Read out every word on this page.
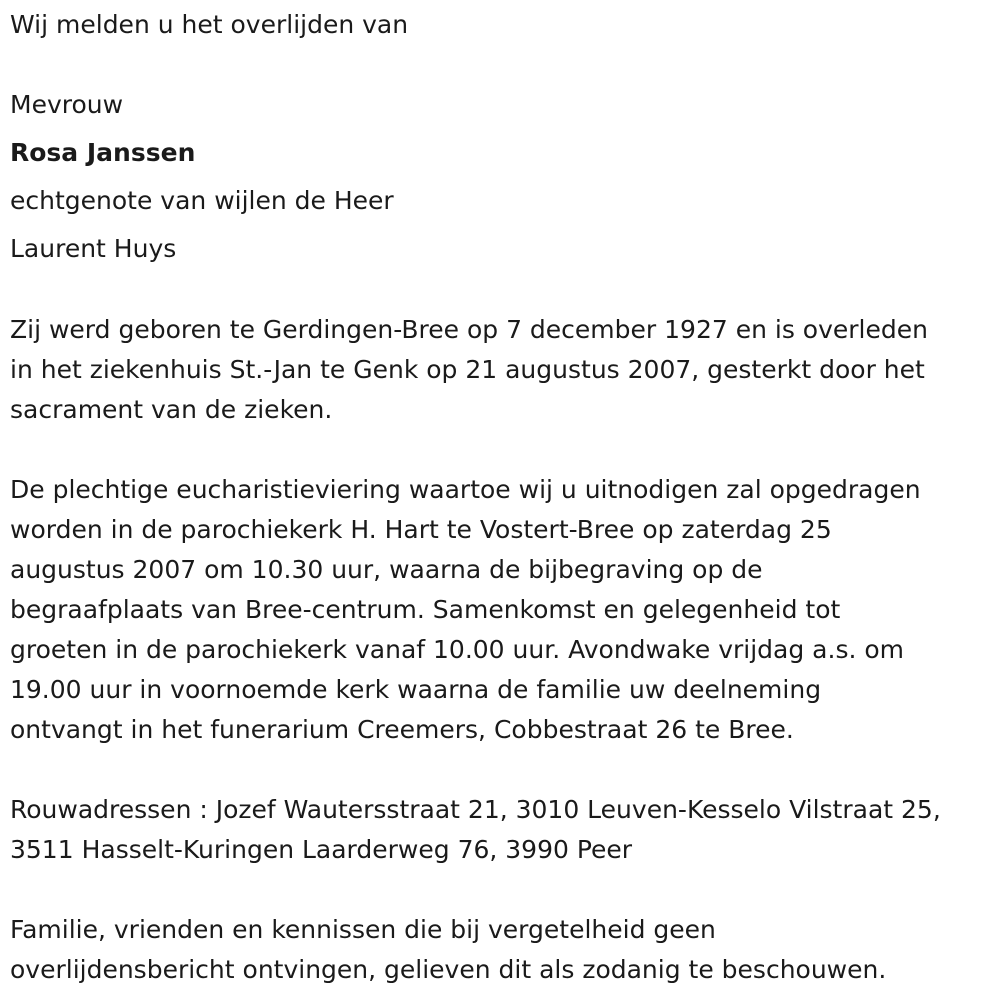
Wij melden u het overlijden van
Mevrouw
Rosa Janssen
echtgenote van wijlen de Heer
Laurent Huys
Zij werd geboren te Gerdingen-Bree op 7 december 1927 en is overleden
in het ziekenhuis St.-Jan te Genk op 21 augustus 2007, gesterkt door het
sacrament van de zieken.
De plechtige eucharistieviering waartoe wij u uitnodigen zal opgedragen
worden in de parochiekerk H. Hart te Vostert-Bree op zaterdag 25
augustus 2007 om 10.30 uur, waarna de bijbegraving op de
begraafplaats van Bree-centrum. Samenkomst en gelegenheid tot
groeten in de parochiekerk vanaf 10.00 uur. Avondwake vrijdag a.s. om
19.00 uur in voornoemde kerk waarna de familie uw deelneming
ontvangt in het funerarium Creemers, Cobbestraat 26 te Bree.
Rouwadressen : Jozef Wautersstraat 21, 3010 Leuven-Kesselo Vilstraat 25,
3511 Hasselt-Kuringen Laarderweg 76, 3990 Peer
Familie, vrienden en kennissen die bij vergetelheid geen
overlijdensbericht ontvingen, gelieven dit als zodanig te beschouwen.
